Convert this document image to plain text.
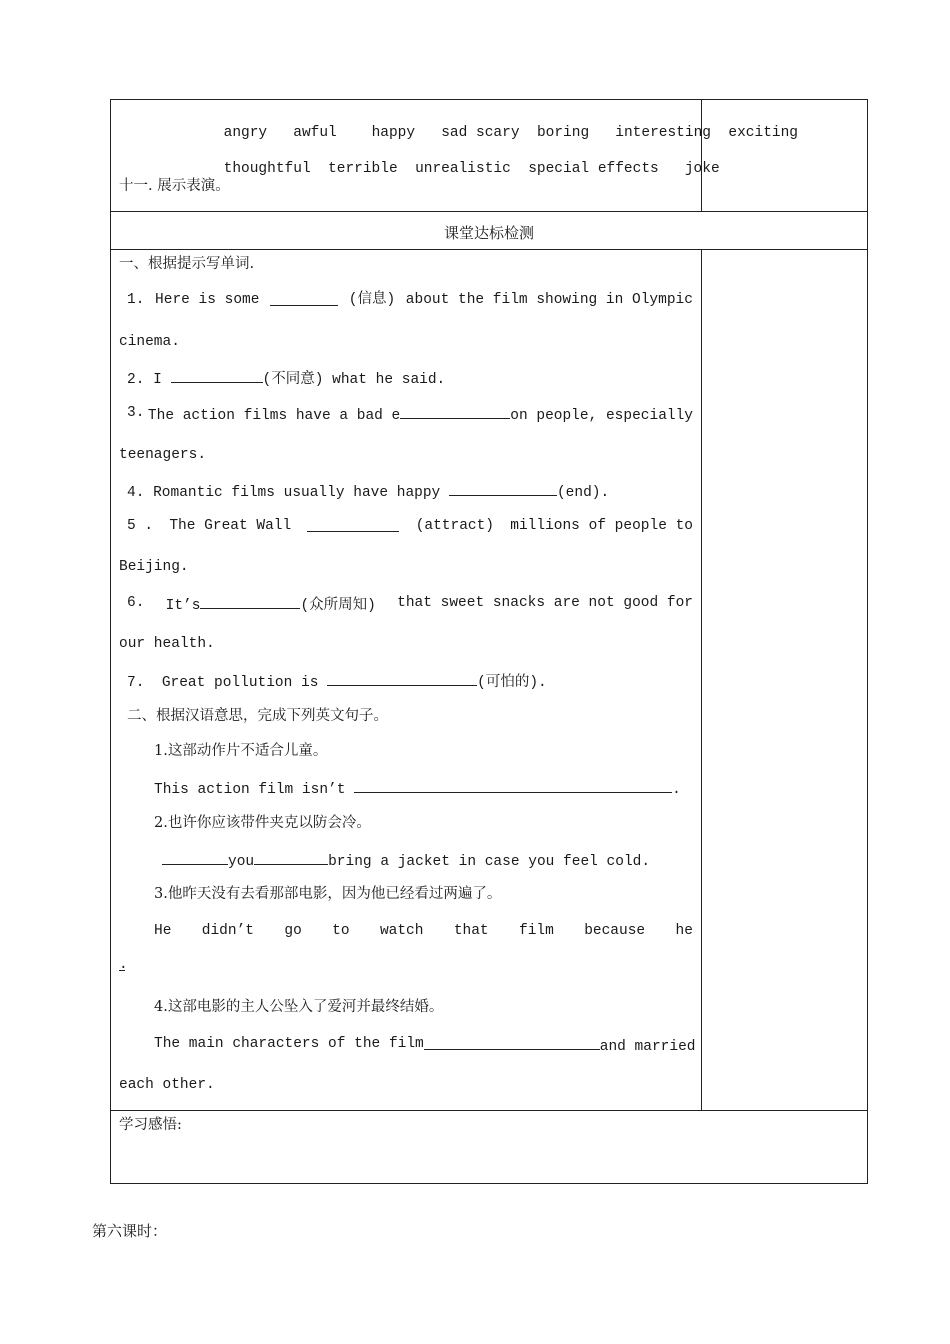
angry awful happy sad scary boring interesting exciting

thoughtful terrible unrealistic special effects joke

十一. 展示表演。
课堂达标检测
一、根据提示写单词.
1. Here is some	(信息) about the film showing in Olympic
cinema.
2. I	(不同意) what he said.
3. The action films have a bad e	on people, especially
teenagers.
4. Romantic films usually have happy	(end).
5 . The Great Wall	(attract) millions of people to
Beijing.
6. It’s	(众所周知) that sweet snacks are not good for
our health.
7. Great pollution is	(可怕的).
二、根据汉语意思，完成下列英文句子。
1.这部动作片不适合儿童。
This action film isn’t	.
2.也许你应该带件夹克以防会冷。
you	bring a jacket in case you feel cold.
3.他昨天没有去看那部电影，因为他已经看过两遍了。
He didn’t go to watch that film because he
.
4.这部电影的主人公坠入了爱河并最终结婚。
The main characters of the film	and married
each other.
学习感悟:
第六课时：
